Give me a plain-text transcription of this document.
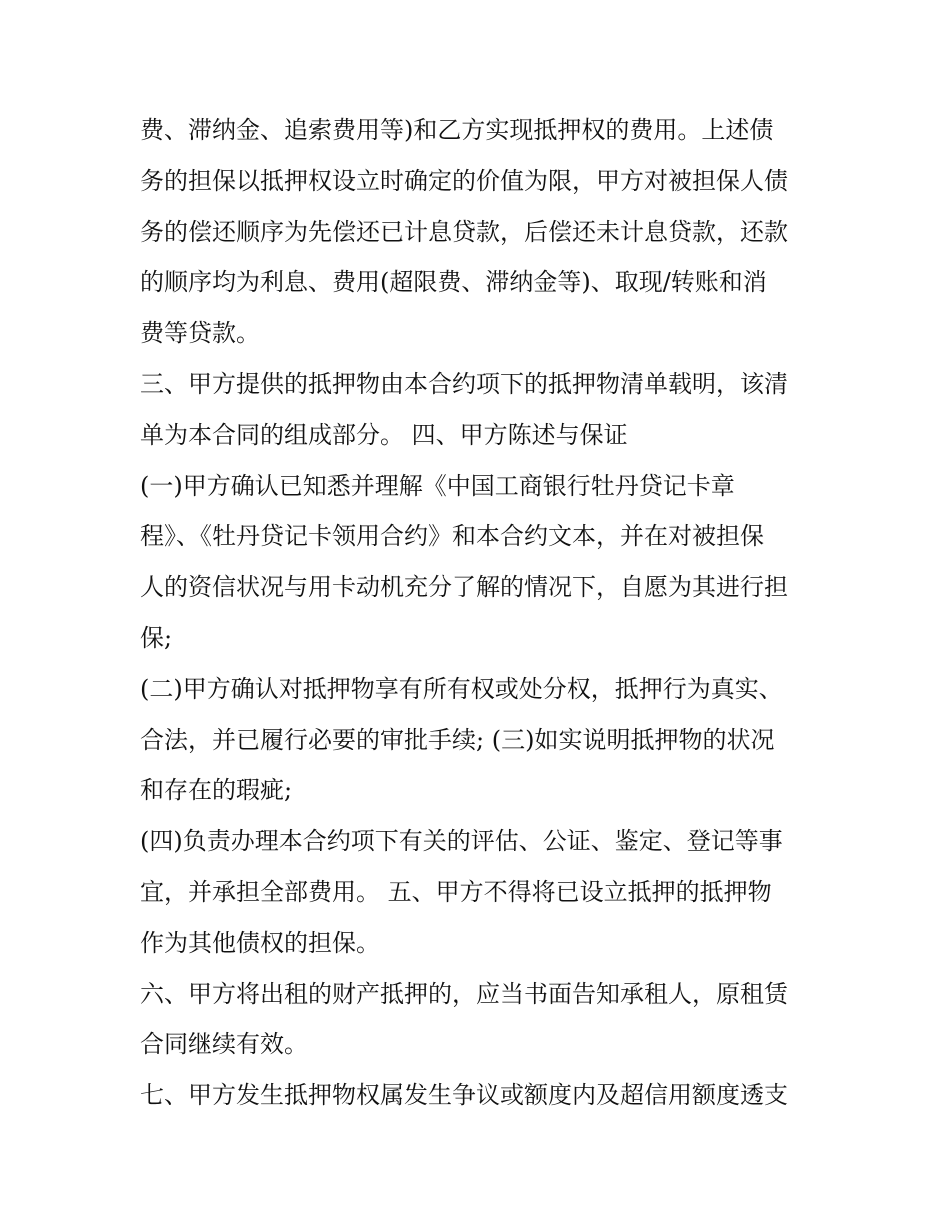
费、滞纳金、追索费用等)和乙方实现抵押权的费用。上述债
务的担保以抵押权设立时确定的价值为限，甲方对被担保人债
务的偿还顺序为先偿还已计息贷款，后偿还未计息贷款，还款
的顺序均为利息、费用(超限费、滞纳金等)、取现/转账和消
费等贷款。
三、甲方提供的抵押物由本合约项下的抵押物清单载明，该清
单为本合同的组成部分。 四、甲方陈述与保证
(一)甲方确认已知悉并理解《中国工商银行牡丹贷记卡章
程》、《牡丹贷记卡领用合约》和本合约文本，并在对被担保
人的资信状况与用卡动机充分了解的情况下，自愿为其进行担
保;
(二)甲方确认对抵押物享有所有权或处分权，抵押行为真实、
合法，并已履行必要的审批手续; (三)如实说明抵押物的状况
和存在的瑕疵;
(四)负责办理本合约项下有关的评估、公证、鉴定、登记等事
宜，并承担全部费用。 五、甲方不得将已设立抵押的抵押物
作为其他债权的担保。
六、甲方将出租的财产抵押的，应当书面告知承租人，原租赁
合同继续有效。
七、甲方发生抵押物权属发生争议或额度内及超信用额度透支
